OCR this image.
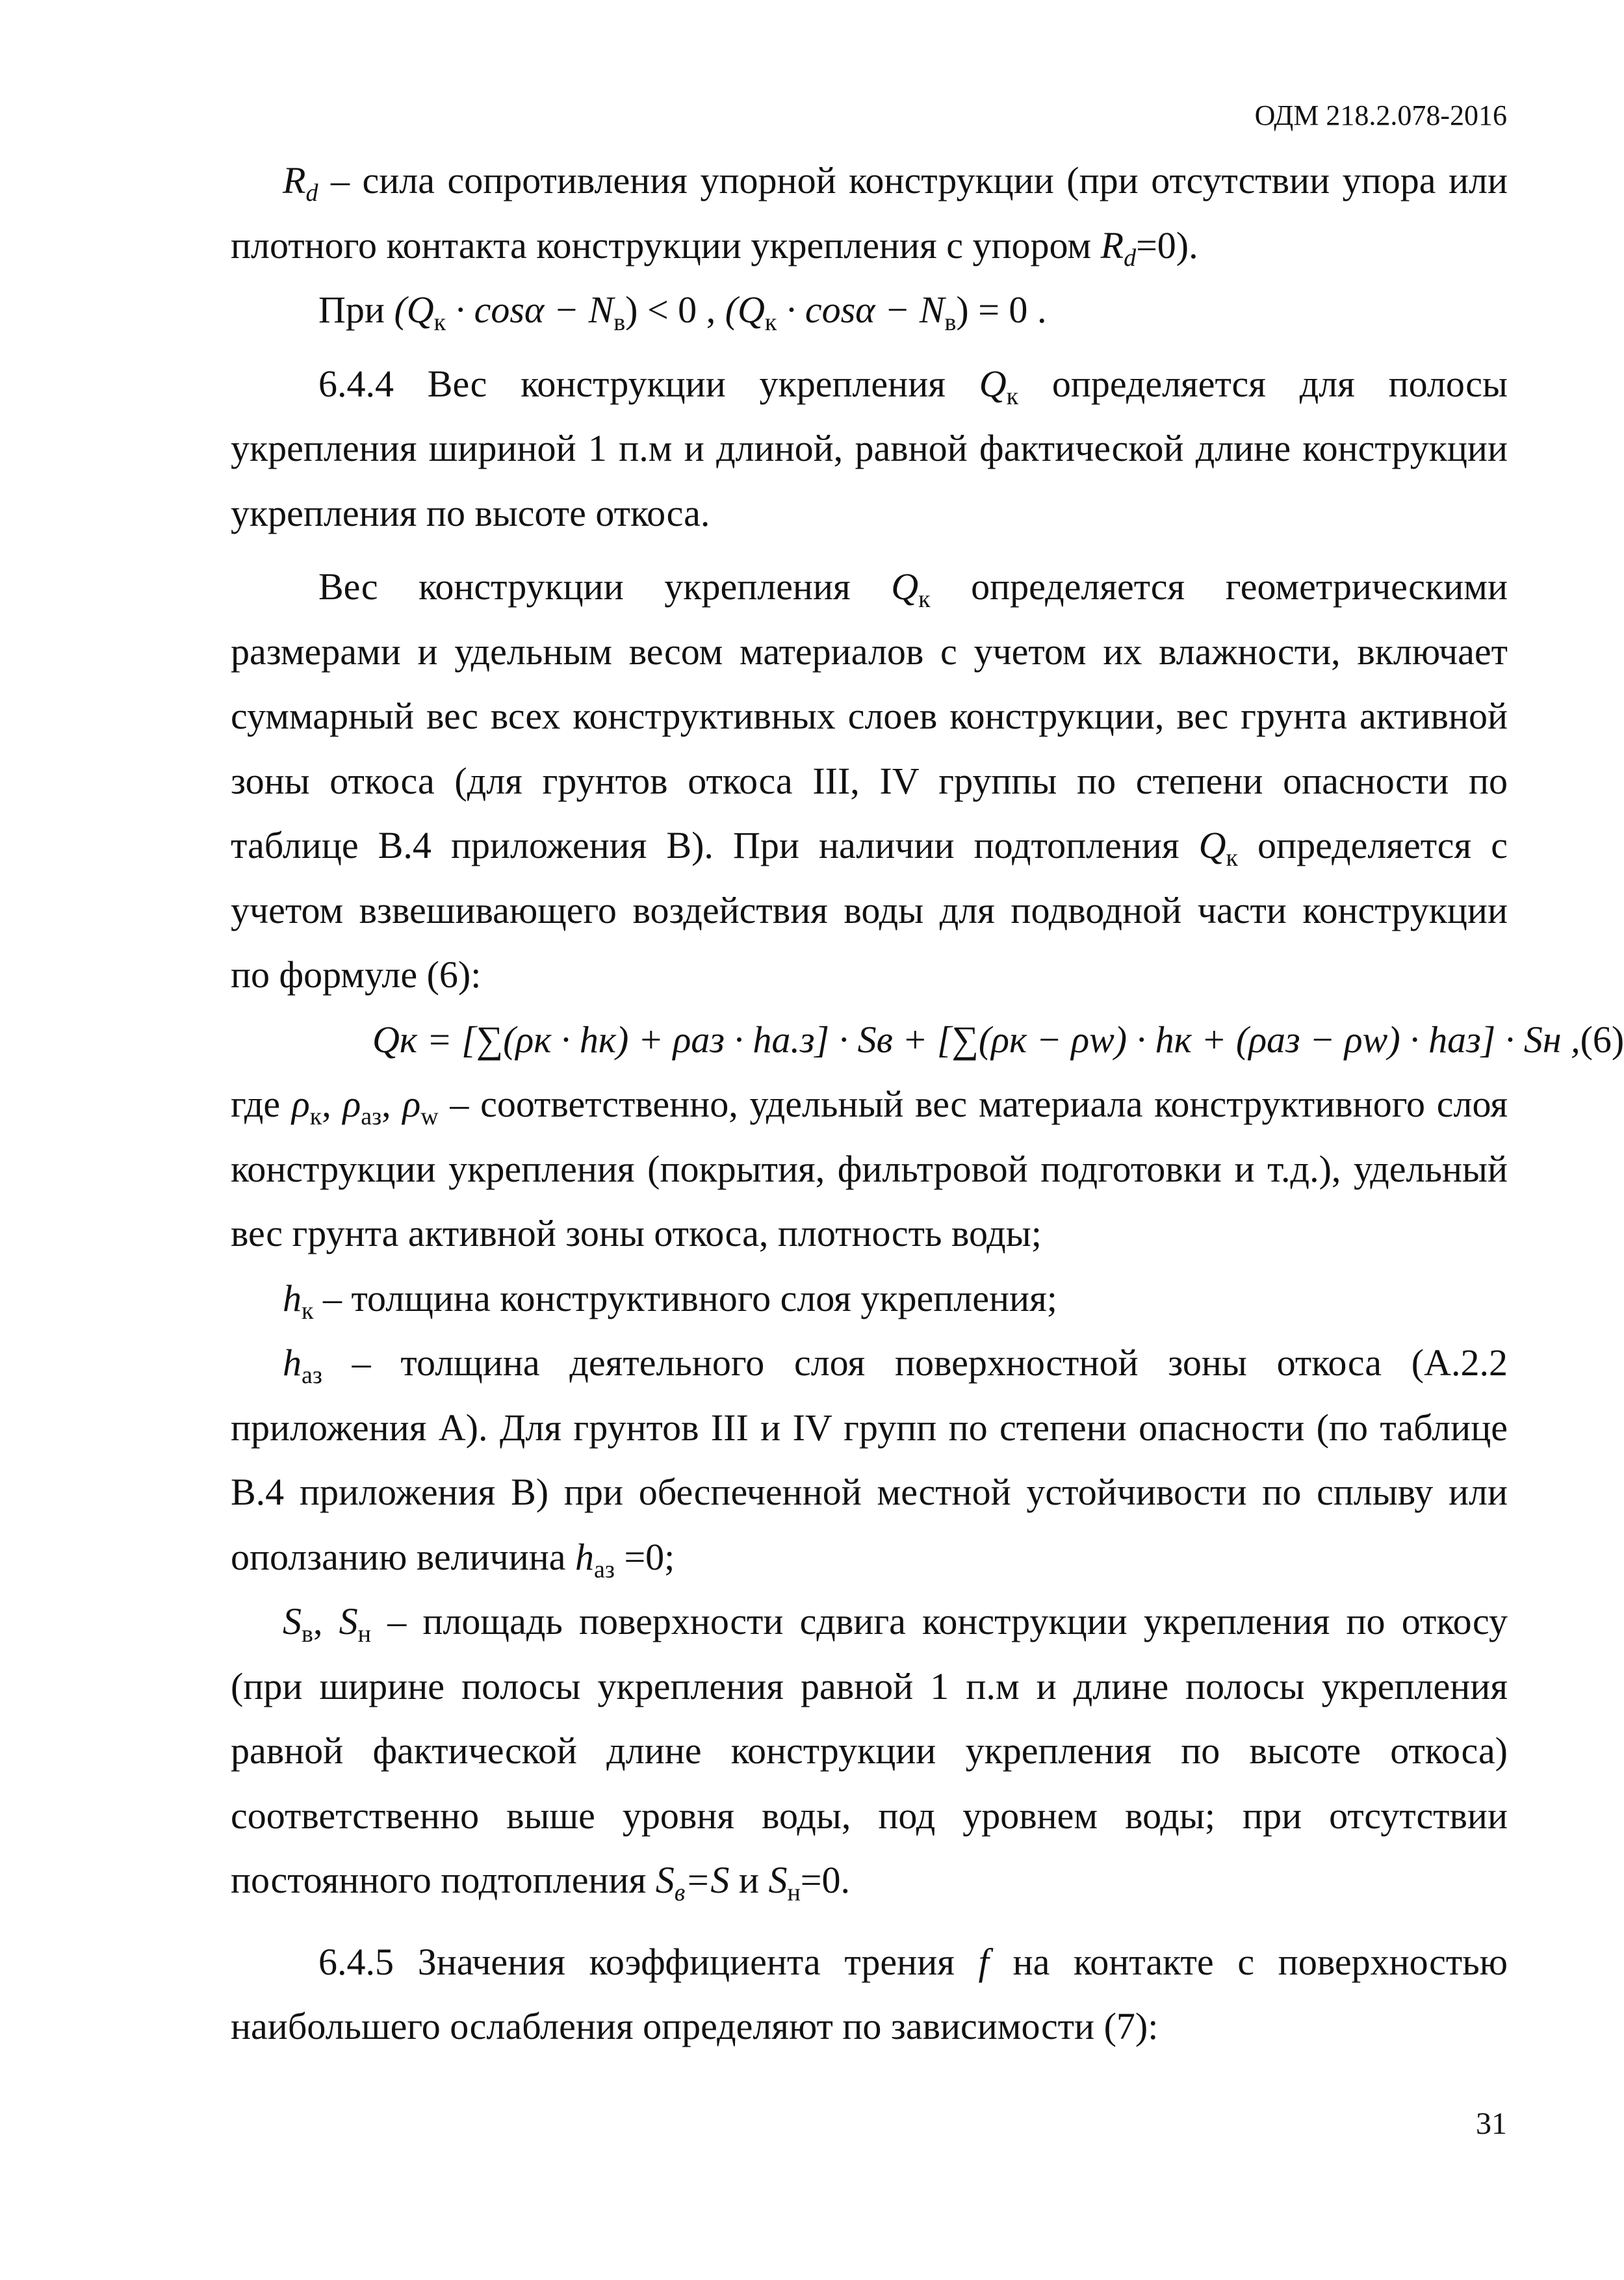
ОДМ 218.2.078-2016

$R_d$ – сила сопротивления упорной конструкции (при отсутствии упора или плотного контакта конструкции укрепления с упором $R_d=0$).

При $(Q_к \cdot \cos\alpha - N_в) < 0$ , $(Q_к \cdot \cos\alpha - N_в) = 0$ .

6.4.4 Вес конструкции укрепления $Q_к$ определяется для полосы укрепления шириной 1 п.м и длиной, равной фактической длине конструкции укрепления по высоте откоса.

Вес конструкции укрепления $Q_к$ определяется геометрическими размерами и удельным весом материалов с учетом их влажности, включает суммарный вес всех конструктивных слоев конструкции, вес грунта активной зоны откоса (для грунтов откоса III, IV группы по степени опасности по таблице В.4 приложения В). При наличии подтопления $Q_к$ определяется с учетом взвешивающего воздействия воды для подводной части конструкции по формуле (6):

Qк = [∑(ρк · hк) + ρаз · hа.з] · Sв + [∑(ρк − ρw) · hк + (ρаз − ρw) · hаз] · Sн , (6)

где $\rho_к$, $\rho_{аз}$, $\rho_w$ – соответственно, удельный вес материала конструктивного слоя конструкции укрепления (покрытия, фильтровой подготовки и т.д.), удельный вес грунта активной зоны откоса, плотность воды;

$h_к$ – толщина конструктивного слоя укрепления;

$h_{аз}$ – толщина деятельного слоя поверхностной зоны откоса (А.2.2 приложения А). Для грунтов III и IV групп по степени опасности (по таблице В.4 приложения В) при обеспеченной местной устойчивости по сплыву или оползанию величина $h_{аз} =0$;

$S_в$, $S_н$ – площадь поверхности сдвига конструкции укрепления по откосу (при ширине полосы укрепления равной 1 п.м и длине полосы укрепления равной фактической длине конструкции укрепления по высоте откоса) соответственно выше уровня воды, под уровнем воды; при отсутствии постоянного подтопления $S_в=S$ и $S_н=0$.

6.4.5 Значения коэффициента трения f на контакте с поверхностью наибольшего ослабления определяют по зависимости (7):

31
